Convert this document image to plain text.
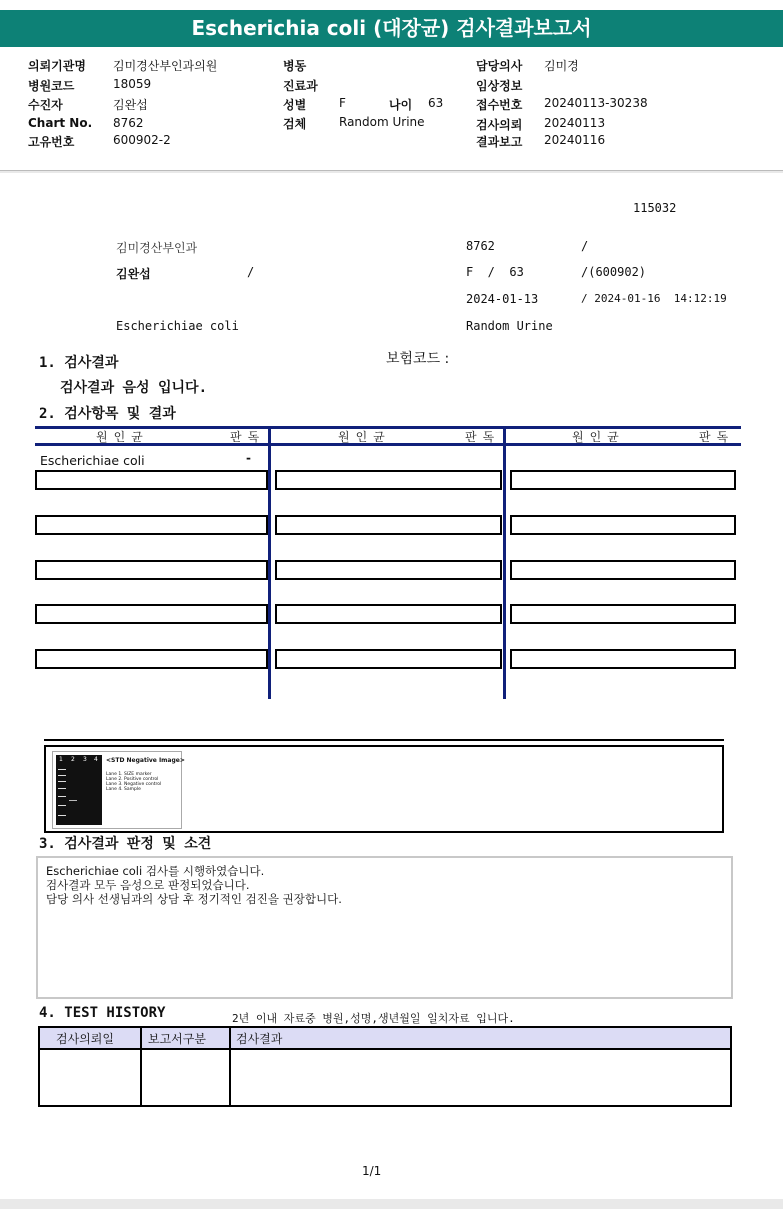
Escherichia coli (대장균) 검사결과보고서
의뢰기관명 김미경산부인과의원
병원코드	18059
수진자	김완섭
Chart No. 8762
고유번호	600902-2
병동
진료과
성별	F	나이 63
검체	Random Urine
담당의사 김미경
임상정보
접수번호 20240113-30238
검사의뢰 20240113
결과보고 20240116
115032
김미경산부인과	8762	/
김완섭	/	F  /  63	/(600902)
2024-01-13	/ 2024-01-16  14:12:19
Escherichiae coli	Random Urine
1. 검사결과	보험코드 :
검사결과 음성 입니다.
2. 검사항목 및 결과
원인균	판독	원인균	판독	원인균	판독
Escherichiae coli	-
1 2 3 4 <STD Negative Image>
Lane 1. SIZE marker
Lane 2. Positive control
Lane 3. Negative control
Lane 4. Sample
3. 검사결과 판정 및 소견
Escherichiae coli 검사를 시행하였습니다.
검사결과 모두 음성으로 판정되었습니다.
담당 의사 선생님과의 상담 후 정기적인 검진을 권장합니다.
4. TEST HISTORY	2년 이내 자료중 병원,성명,생년월일 일치자료 입니다.
검사의뢰일	보고서구분	검사결과
1/1
